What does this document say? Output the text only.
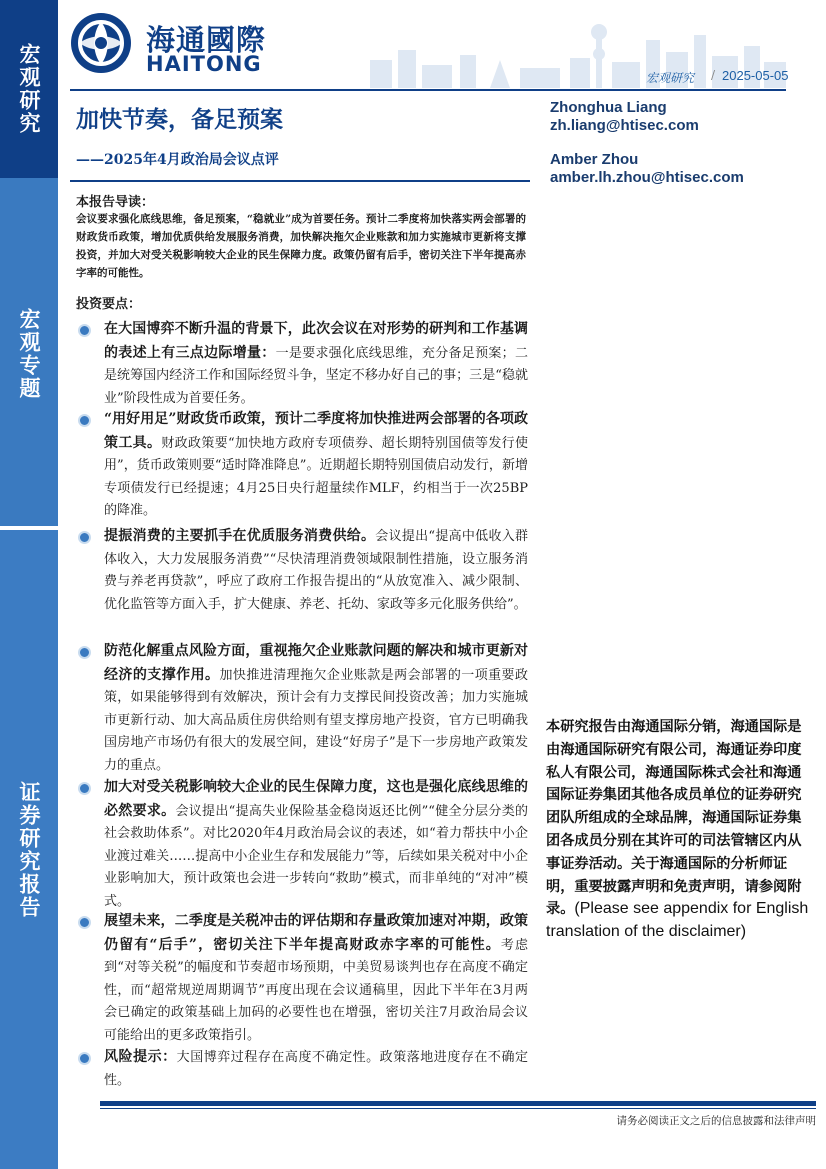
宏观研究
宏观专题
证券研究报告
海通國際
HAITONG
宏观研究 / 2025-05-05
加快节奏，备足预案
——2025年4月政治局会议点评
Zhonghua Liang
zh.liang@htisec.com
Amber Zhou
amber.lh.zhou@htisec.com
本报告导读：
会议要求强化底线思维，备足预案，“稳就业”成为首要任务。预计二季度将加快落实两会部署的财政货币政策，增加优质供给发展服务消费，加快解决拖欠企业账款和加力实施城市更新将支撑投资，并加大对受关税影响较大企业的民生保障力度。政策仍留有后手，密切关注下半年提高赤字率的可能性。
投资要点：
在大国博弈不断升温的背景下，此次会议在对形势的研判和工作基调的表述上有三点边际增量：一是要求强化底线思维，充分备足预案；二是统筹国内经济工作和国际经贸斗争，坚定不移办好自己的事；三是“稳就业”阶段性成为首要任务。
“用好用足”财政货币政策，预计二季度将加快推进两会部署的各项政策工具。财政政策要“加快地方政府专项债券、超长期特别国债等发行使用”，货币政策则要“适时降准降息”。近期超长期特别国债启动发行，新增专项债发行已经提速；4月25日央行超量续作MLF，约相当于一次25BP的降准。
提振消费的主要抓手在优质服务消费供给。会议提出“提高中低收入群体收入，大力发展服务消费”“尽快清理消费领域限制性措施，设立服务消费与养老再贷款”，呼应了政府工作报告提出的“从放宽准入、减少限制、优化监管等方面入手，扩大健康、养老、托幼、家政等多元化服务供给”。
防范化解重点风险方面，重视拖欠企业账款问题的解决和城市更新对经济的支撑作用。加快推进清理拖欠企业账款是两会部署的一项重要政策，如果能够得到有效解决，预计会有力支撑民间投资改善；加力实施城市更新行动、加大高品质住房供给则有望支撑房地产投资，官方已明确我国房地产市场仍有很大的发展空间，建设“好房子”是下一步房地产政策发力的重点。
加大对受关税影响较大企业的民生保障力度，这也是强化底线思维的必然要求。会议提出“提高失业保险基金稳岗返还比例”“健全分层分类的社会救助体系”。对比2020年4月政治局会议的表述，如“着力帮扶中小企业渡过难关……提高中小企业生存和发展能力”等，后续如果关税对中小企业影响加大，预计政策也会进一步转向“救助”模式，而非单纯的“对冲”模式。
展望未来，二季度是关税冲击的评估期和存量政策加速对冲期，政策仍留有“后手”，密切关注下半年提高财政赤字率的可能性。考虑到“对等关税”的幅度和节奏超市场预期，中美贸易谈判也存在高度不确定性，而“超常规逆周期调节”再度出现在会议通稿里，因此下半年在3月两会已确定的政策基础上加码的必要性也在增强，密切关注7月政治局会议可能给出的更多政策指引。
风险提示：大国博弈过程存在高度不确定性。政策落地进度存在不确定性。
本研究报告由海通国际分销，海通国际是由海通国际研究有限公司，海通证券印度私人有限公司，海通国际株式会社和海通国际证券集团其他各成员单位的证券研究团队所组成的全球品牌，海通国际证券集团各成员分别在其许可的司法管辖区内从事证券活动。关于海通国际的分析师证明，重要披露声明和免责声明，请参阅附录。(Please see appendix for English translation of the disclaimer)
请务必阅读正文之后的信息披露和法律声明
